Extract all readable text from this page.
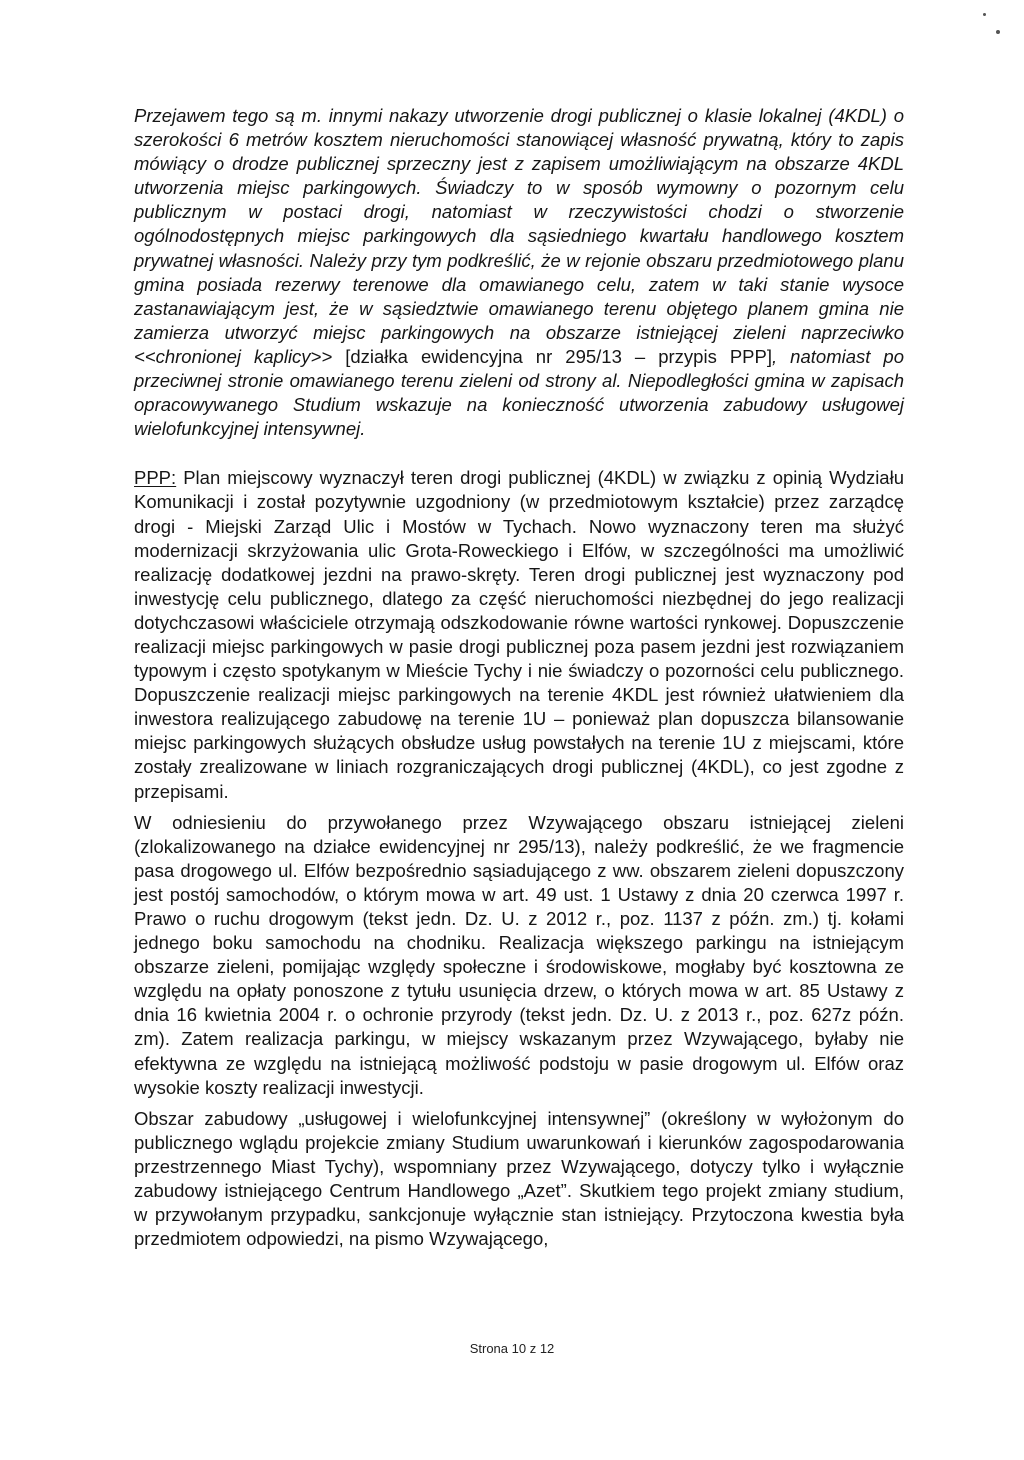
Przejawem tego są m. innymi nakazy utworzenie drogi publicznej o klasie lokalnej (4KDL) o szerokości 6 metrów kosztem nieruchomości stanowiącej własność prywatną, który to zapis mówiący o drodze publicznej sprzeczny jest z zapisem umożliwiającym na obszarze 4KDL utworzenia miejsc parkingowych. Świadczy to w sposób wymowny o pozornym celu publicznym w postaci drogi, natomiast w rzeczywistości chodzi o stworzenie ogólnodostępnych miejsc parkingowych dla sąsiedniego kwartału handlowego kosztem prywatnej własności. Należy przy tym podkreślić, że w rejonie obszaru przedmiotowego planu gmina posiada rezerwy terenowe dla omawianego celu, zatem w taki stanie wysoce zastanawiającym jest, że w sąsiedztwie omawianego terenu objętego planem gmina nie zamierza utworzyć miejsc parkingowych na obszarze istniejącej zieleni naprzeciwko <<chronionej kaplicy>> [działka ewidencyjna nr 295/13 – przypis PPP], natomiast po przeciwnej stronie omawianego terenu zieleni od strony al. Niepodległości gmina w zapisach opracowywanego Studium wskazuje na konieczność utworzenia zabudowy usługowej wielofunkcyjnej intensywnej.

PPP: Plan miejscowy wyznaczył teren drogi publicznej (4KDL) w związku z opinią Wydziału Komunikacji i został pozytywnie uzgodniony (w przedmiotowym kształcie) przez zarządcę drogi - Miejski Zarząd Ulic i Mostów w Tychach. Nowo wyznaczony teren ma służyć modernizacji skrzyżowania ulic Grota-Roweckiego i Elfów, w szczególności ma umożliwić realizację dodatkowej jezdni na prawo-skręty. Teren drogi publicznej jest wyznaczony pod inwestycję celu publicznego, dlatego za część nieruchomości niezbędnej do jego realizacji dotychczasowi właściciele otrzymają odszkodowanie równe wartości rynkowej. Dopuszczenie realizacji miejsc parkingowych w pasie drogi publicznej poza pasem jezdni jest rozwiązaniem typowym i często spotykanym w Mieście Tychy i nie świadczy o pozorności celu publicznego. Dopuszczenie realizacji miejsc parkingowych na terenie 4KDL jest również ułatwieniem dla inwestora realizującego zabudowę na terenie 1U – ponieważ plan dopuszcza bilansowanie miejsc parkingowych służących obsłudze usług powstałych na terenie 1U z miejscami, które zostały zrealizowane w liniach rozgraniczających drogi publicznej (4KDL), co jest zgodne z przepisami.

W odniesieniu do przywołanego przez Wzywającego obszaru istniejącej zieleni (zlokalizowanego na działce ewidencyjnej nr 295/13), należy podkreślić, że we fragmencie pasa drogowego ul. Elfów bezpośrednio sąsiadującego z ww. obszarem zieleni dopuszczony jest postój samochodów, o którym mowa w art. 49 ust. 1 Ustawy z dnia 20 czerwca 1997 r. Prawo o ruchu drogowym (tekst jedn. Dz. U. z 2012 r., poz. 1137 z późn. zm.) tj. kołami jednego boku samochodu na chodniku. Realizacja większego parkingu na istniejącym obszarze zieleni, pomijając względy społeczne i środowiskowe, mogłaby być kosztowna ze względu na opłaty ponoszone z tytułu usunięcia drzew, o których mowa w art. 85 Ustawy z dnia 16 kwietnia 2004 r. o ochronie przyrody (tekst jedn. Dz. U. z 2013 r., poz. 627z późn. zm). Zatem realizacja parkingu, w miejscy wskazanym przez Wzywającego, byłaby nie efektywna ze względu na istniejącą możliwość podstoju w pasie drogowym ul. Elfów oraz wysokie koszty realizacji inwestycji.

Obszar zabudowy „usługowej i wielofunkcyjnej intensywnej” (określony w wyłożonym do publicznego wglądu projekcie zmiany Studium uwarunkowań i kierunków zagospodarowania przestrzennego Miast Tychy), wspomniany przez Wzywającego, dotyczy tylko i wyłącznie zabudowy istniejącego Centrum Handlowego „Azet”. Skutkiem tego projekt zmiany studium, w przywołanym przypadku, sankcjonuje wyłącznie stan istniejący. Przytoczona kwestia była przedmiotem odpowiedzi, na pismo Wzywającego,

Strona 10 z 12
